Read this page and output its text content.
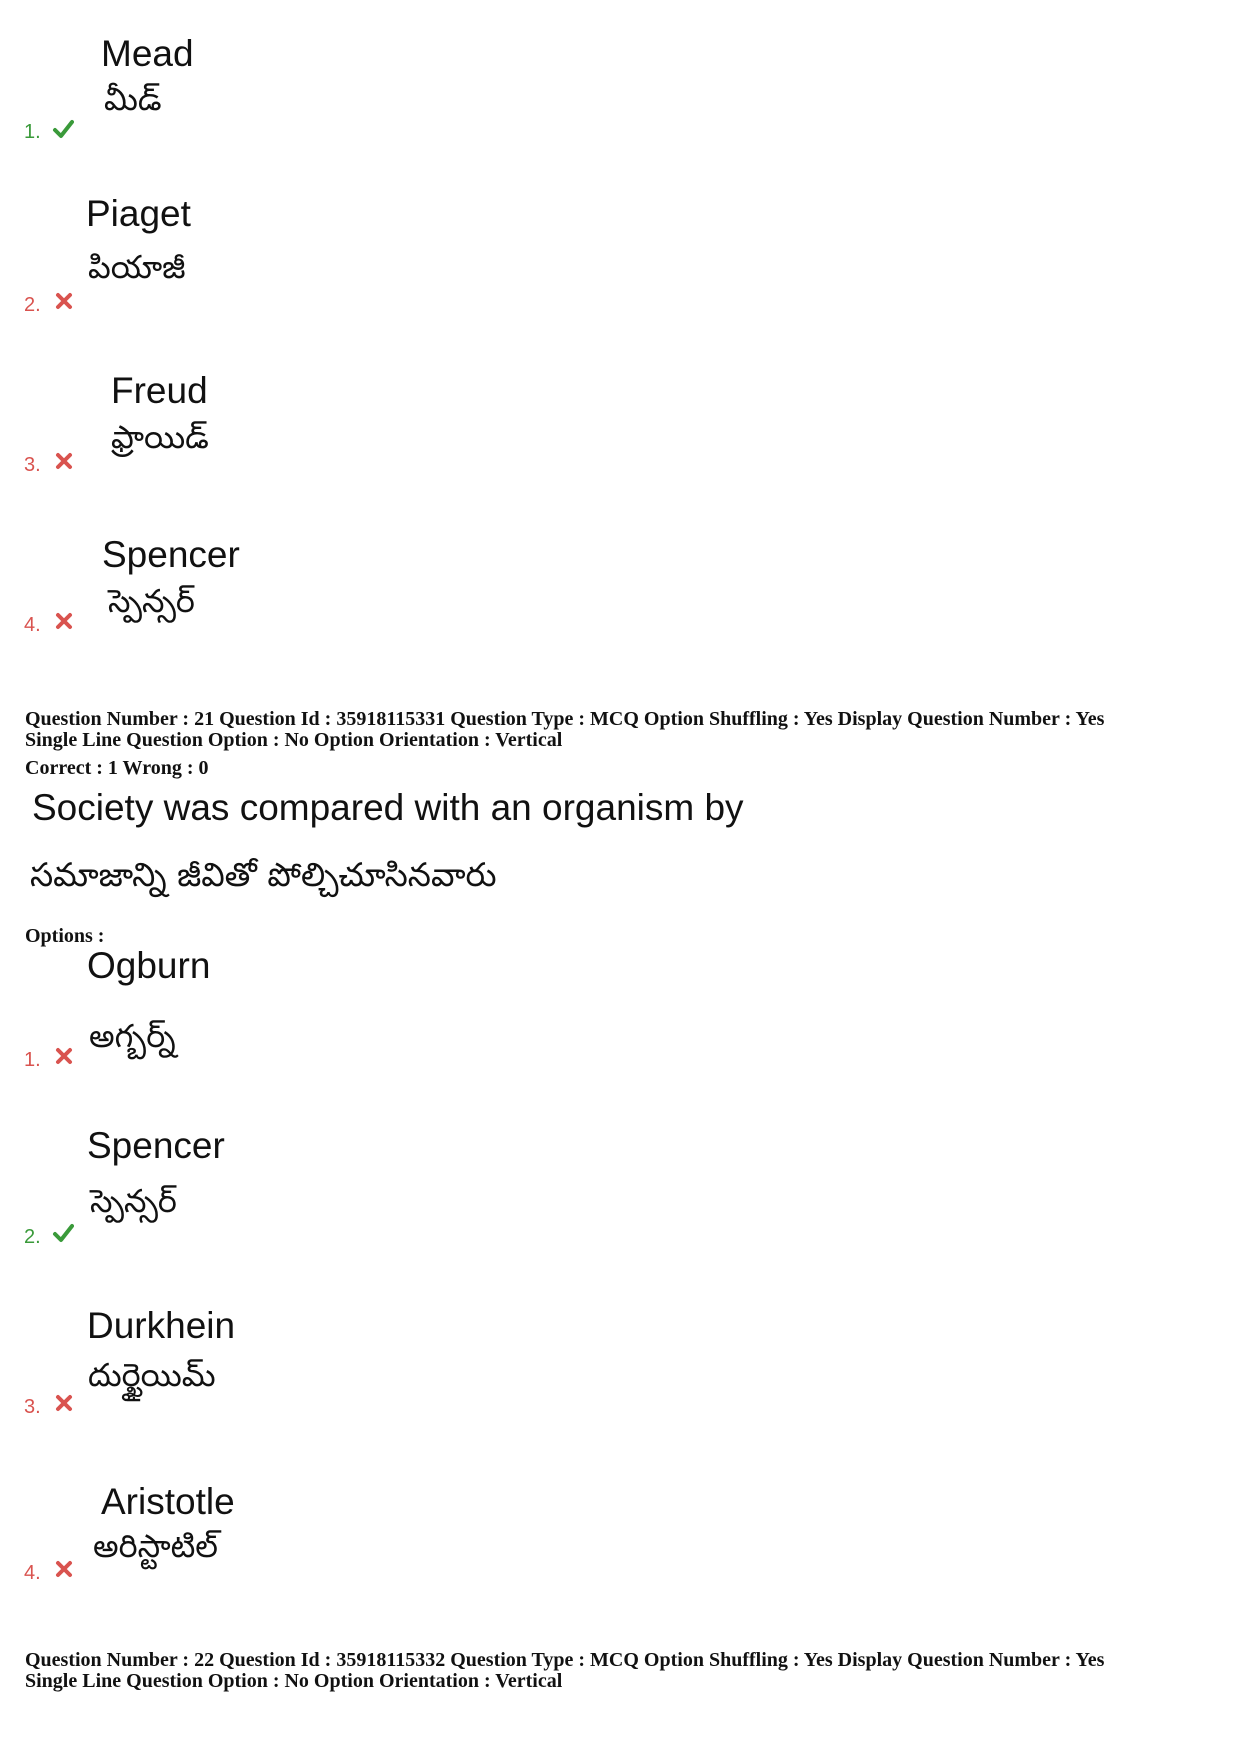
Mead
మీడ్
1.
Piaget
పియాజీ
2.
Freud
ఫ్రాయిడ్
3.
Spencer
స్పెన్సర్
4.
Question Number : 21 Question Id : 35918115331 Question Type : MCQ Option Shuffling : Yes Display Question Number : Yes
Single Line Question Option : No Option Orientation : Vertical
Correct : 1 Wrong : 0
Society was compared with an organism by
సమాజాన్ని జీవితో పోల్చిచూసినవారు
Options :
Ogburn
అగ్బర్న్
1.
Spencer
స్పెన్సర్
2.
Durkhein
దుర్ఖైయిమ్
3.
Aristotle
అరిస్టాటిల్
4.
Question Number : 22 Question Id : 35918115332 Question Type : MCQ Option Shuffling : Yes Display Question Number : Yes
Single Line Question Option : No Option Orientation : Vertical
